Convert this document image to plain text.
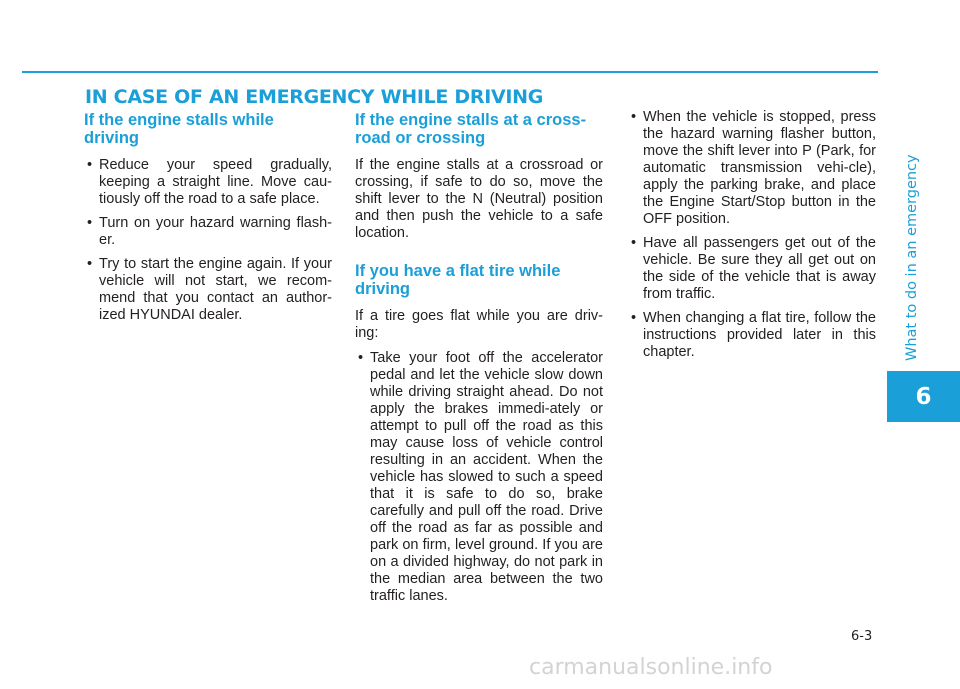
IN CASE OF AN EMERGENCY WHILE DRIVING
If the engine stalls while driving
• Reduce your speed gradually, keeping a straight line. Move cau-tiously off the road to a safe place.
• Turn on your hazard warning flash-er.
• Try to start the engine again. If your vehicle will not start, we recom-mend that you contact an author-ized HYUNDAI dealer.
If the engine stalls at a cross-road or crossing

If the engine stalls at a crossroad or crossing, if safe to do so, move the shift lever to the N (Neutral) position and then push the vehicle to a safe location.

If you have a flat tire while driving

If a tire goes flat while you are driv-ing:

• Take your foot off the accelerator pedal and let the vehicle slow down while driving straight ahead. Do not apply the brakes immedi-ately or attempt to pull off the road as this may cause loss of vehicle control resulting in an accident. When the vehicle has slowed to such a speed that it is safe to do so, brake carefully and pull off the road. Drive off the road as far as possible and park on firm, level ground. If you are on a divided highway, do not park in the median area between the two traffic lanes.
• When the vehicle is stopped, press the hazard warning flasher button, move the shift lever into P (Park, for automatic transmission vehi-cle), apply the parking brake, and place the Engine Start/Stop button in the OFF position.
• Have all passengers get out of the vehicle. Be sure they all get out on the side of the vehicle that is away from traffic.
• When changing a flat tire, follow the instructions provided later in this chapter.	What to do in an emergency
6
6-3
carmanualsonline.info
